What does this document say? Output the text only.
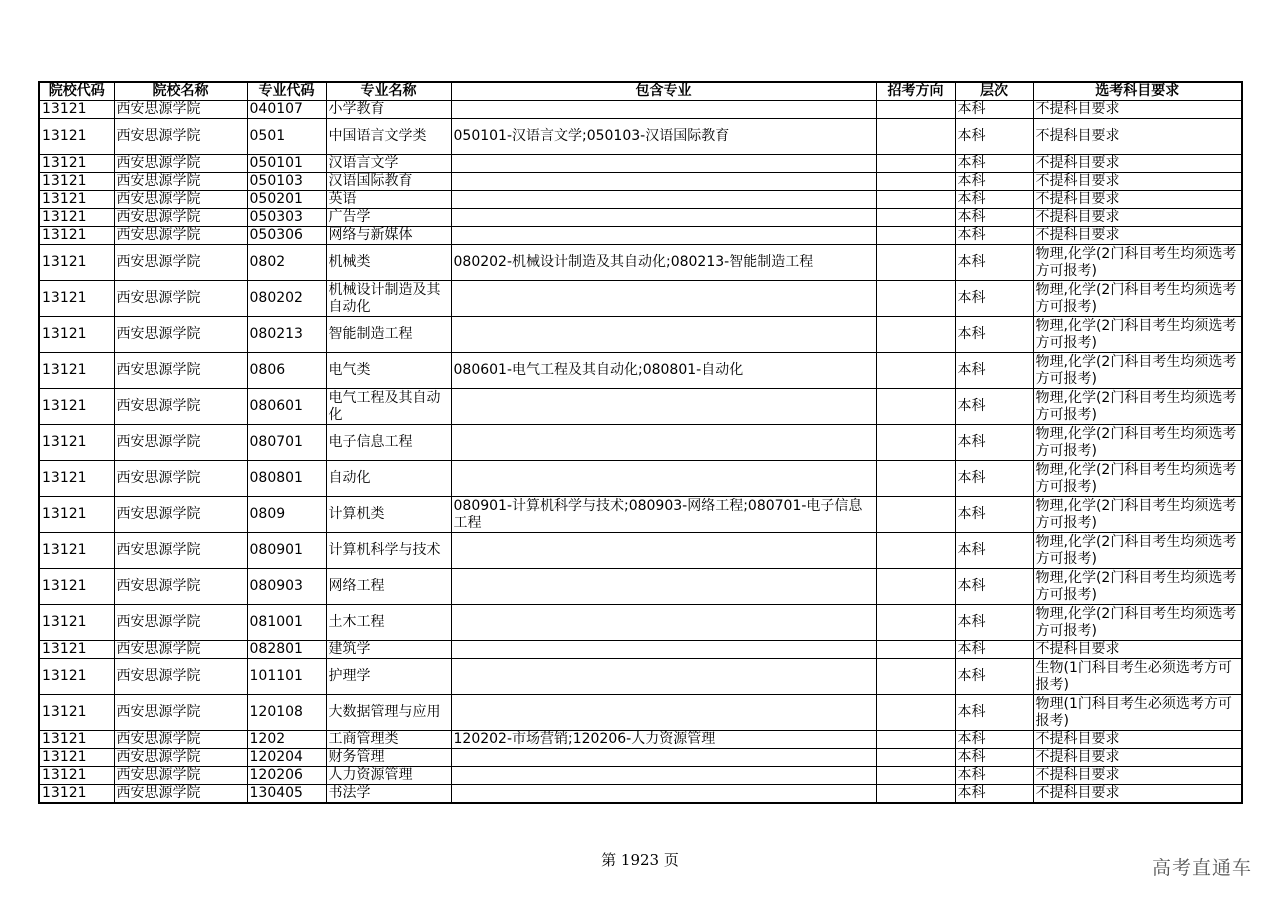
院校代码	院校名称	专业代码	专业名称	包含专业	招考方向	层次	选考科目要求
13121	西安思源学院	040107	小学教育			本科	不提科目要求
13121	西安思源学院	0501	中国语言文学类	050101-汉语言文学;050103-汉语国际教育		本科	不提科目要求
13121	西安思源学院	050101	汉语言文学			本科	不提科目要求
13121	西安思源学院	050103	汉语国际教育			本科	不提科目要求
13121	西安思源学院	050201	英语			本科	不提科目要求
13121	西安思源学院	050303	广告学			本科	不提科目要求
13121	西安思源学院	050306	网络与新媒体			本科	不提科目要求
13121	西安思源学院	0802	机械类	080202-机械设计制造及其自动化;080213-智能制造工程		本科	物理,化学(2门科目考生均须选考方可报考)
13121	西安思源学院	080202	机械设计制造及其自动化			本科	物理,化学(2门科目考生均须选考方可报考)
13121	西安思源学院	080213	智能制造工程			本科	物理,化学(2门科目考生均须选考方可报考)
13121	西安思源学院	0806	电气类	080601-电气工程及其自动化;080801-自动化		本科	物理,化学(2门科目考生均须选考方可报考)
13121	西安思源学院	080601	电气工程及其自动化			本科	物理,化学(2门科目考生均须选考方可报考)
13121	西安思源学院	080701	电子信息工程			本科	物理,化学(2门科目考生均须选考方可报考)
13121	西安思源学院	080801	自动化			本科	物理,化学(2门科目考生均须选考方可报考)
13121	西安思源学院	0809	计算机类	080901-计算机科学与技术;080903-网络工程;080701-电子信息工程		本科	物理,化学(2门科目考生均须选考方可报考)
13121	西安思源学院	080901	计算机科学与技术			本科	物理,化学(2门科目考生均须选考方可报考)
13121	西安思源学院	080903	网络工程			本科	物理,化学(2门科目考生均须选考方可报考)
13121	西安思源学院	081001	土木工程			本科	物理,化学(2门科目考生均须选考方可报考)
13121	西安思源学院	082801	建筑学			本科	不提科目要求
13121	西安思源学院	101101	护理学			本科	生物(1门科目考生必须选考方可报考)
13121	西安思源学院	120108	大数据管理与应用			本科	物理(1门科目考生必须选考方可报考)
13121	西安思源学院	1202	工商管理类	120202-市场营销;120206-人力资源管理		本科	不提科目要求
13121	西安思源学院	120204	财务管理			本科	不提科目要求
13121	西安思源学院	120206	人力资源管理			本科	不提科目要求
13121	西安思源学院	130405	书法学			本科	不提科目要求
第 1923 页	高考直通车
